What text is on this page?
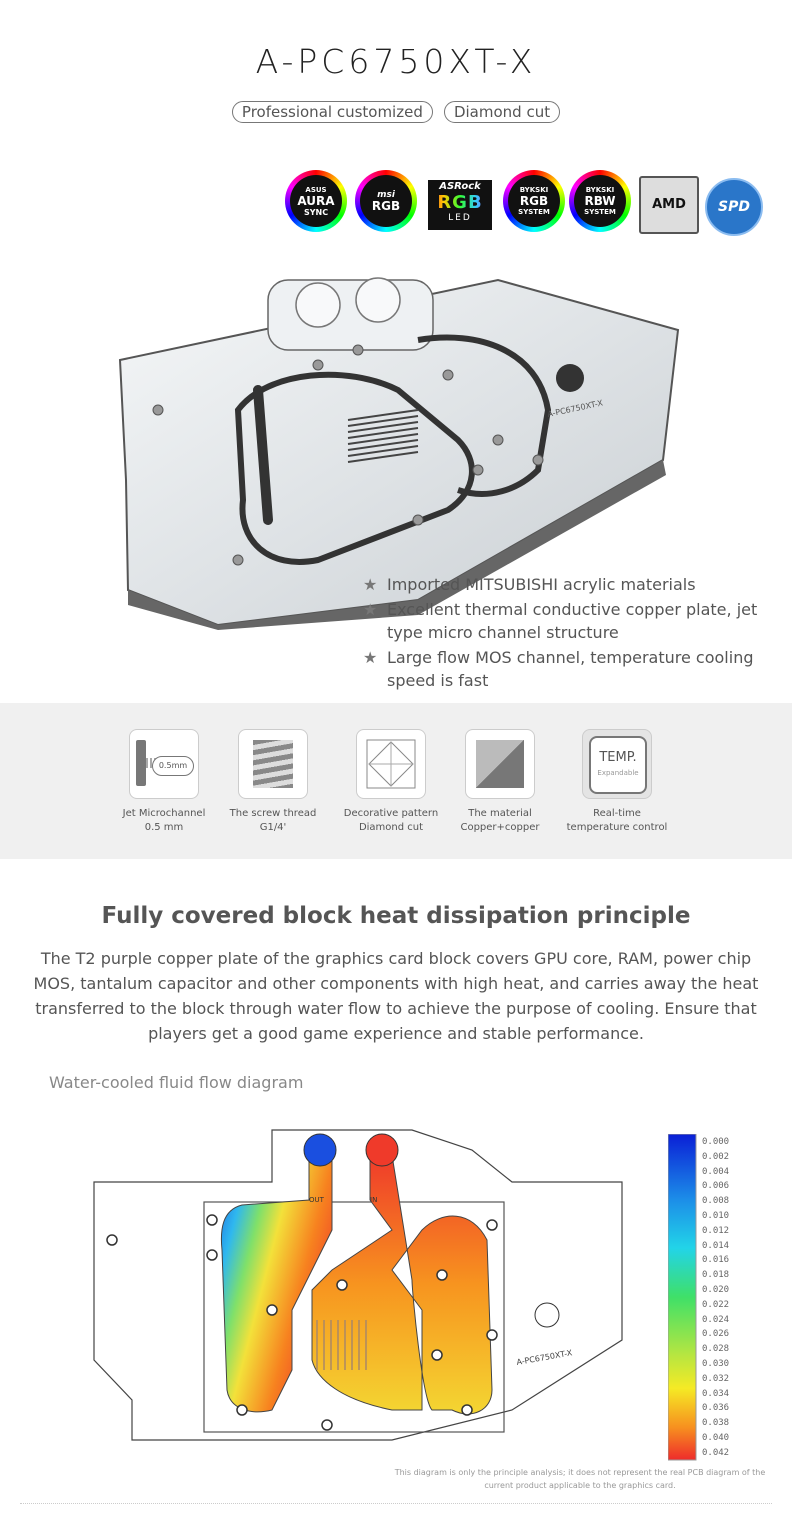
A-PC6750XT-X
Professional customized Diamond cut
ASUS
AURA
SYNC
msi
RGB
ASRock
RGB
LED
BYKSKI
RGB
SYSTEM
BYKSKI
RBW
SYSTEM	AMD	SPD
A-PC6750XT-X
★ Imported MITSUBISHI acrylic materials
★ Excellent thermal conductive copper plate, jet type micro channel structure
★ Large flow MOS channel, temperature cooling speed is fast
0.5mm
Jet Microchannel
0.5 mm
The screw thread
G1/4'
Decorative pattern
Diamond cut
The material
Copper+copper
TEMP.
Expandable
Real-time
temperature control
Fully covered block heat dissipation principle
The T2 purple copper plate of the graphics card block covers GPU core, RAM, power chip MOS, tantalum capacitor and other components with high heat, and carries away the heat transferred to the block through water flow to achieve the purpose of cooling. Ensure that players get a good game experience and stable performance.
Water-cooled fluid flow diagram
OUT	IN
A-PC6750XT-X
0.000
0.002
0.004
0.006
0.008
0.010
0.012
0.014
0.016
0.018
0.020
0.022
0.024
0.026
0.028
0.030
0.032
0.034
0.036
0.038
0.040
0.042
This diagram is only the principle analysis; it does not represent the real PCB diagram of the current product applicable to the graphics card.
